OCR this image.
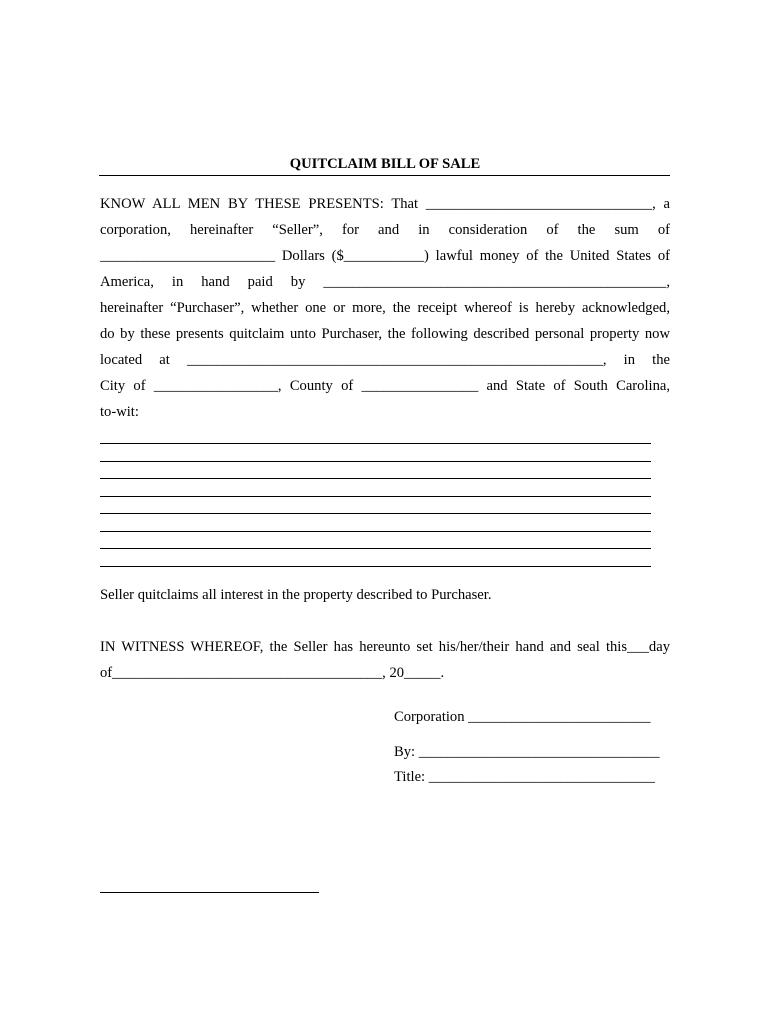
QUITCLAIM BILL OF SALE
KNOW ALL MEN BY THESE PRESENTS: That _______________________________, a
corporation, hereinafter “Seller”, for and in consideration of the sum of
________________________ Dollars ($___________) lawful money of the United States of
America, in hand paid by _______________________________________________,
hereinafter “Purchaser”, whether one or more, the receipt whereof is hereby acknowledged,
do by these presents quitclaim unto Purchaser, the following described personal property now
located at _________________________________________________________, in the
City of _________________, County of ________________ and State of South Carolina,
to-wit:
Seller quitclaims all interest in the property described to Purchaser.
IN WITNESS WHEREOF, the Seller has hereunto set his/her/their hand and seal this___day
of_____________________________________, 20_____.
Corporation _________________________
By: _________________________________
Title: _______________________________
